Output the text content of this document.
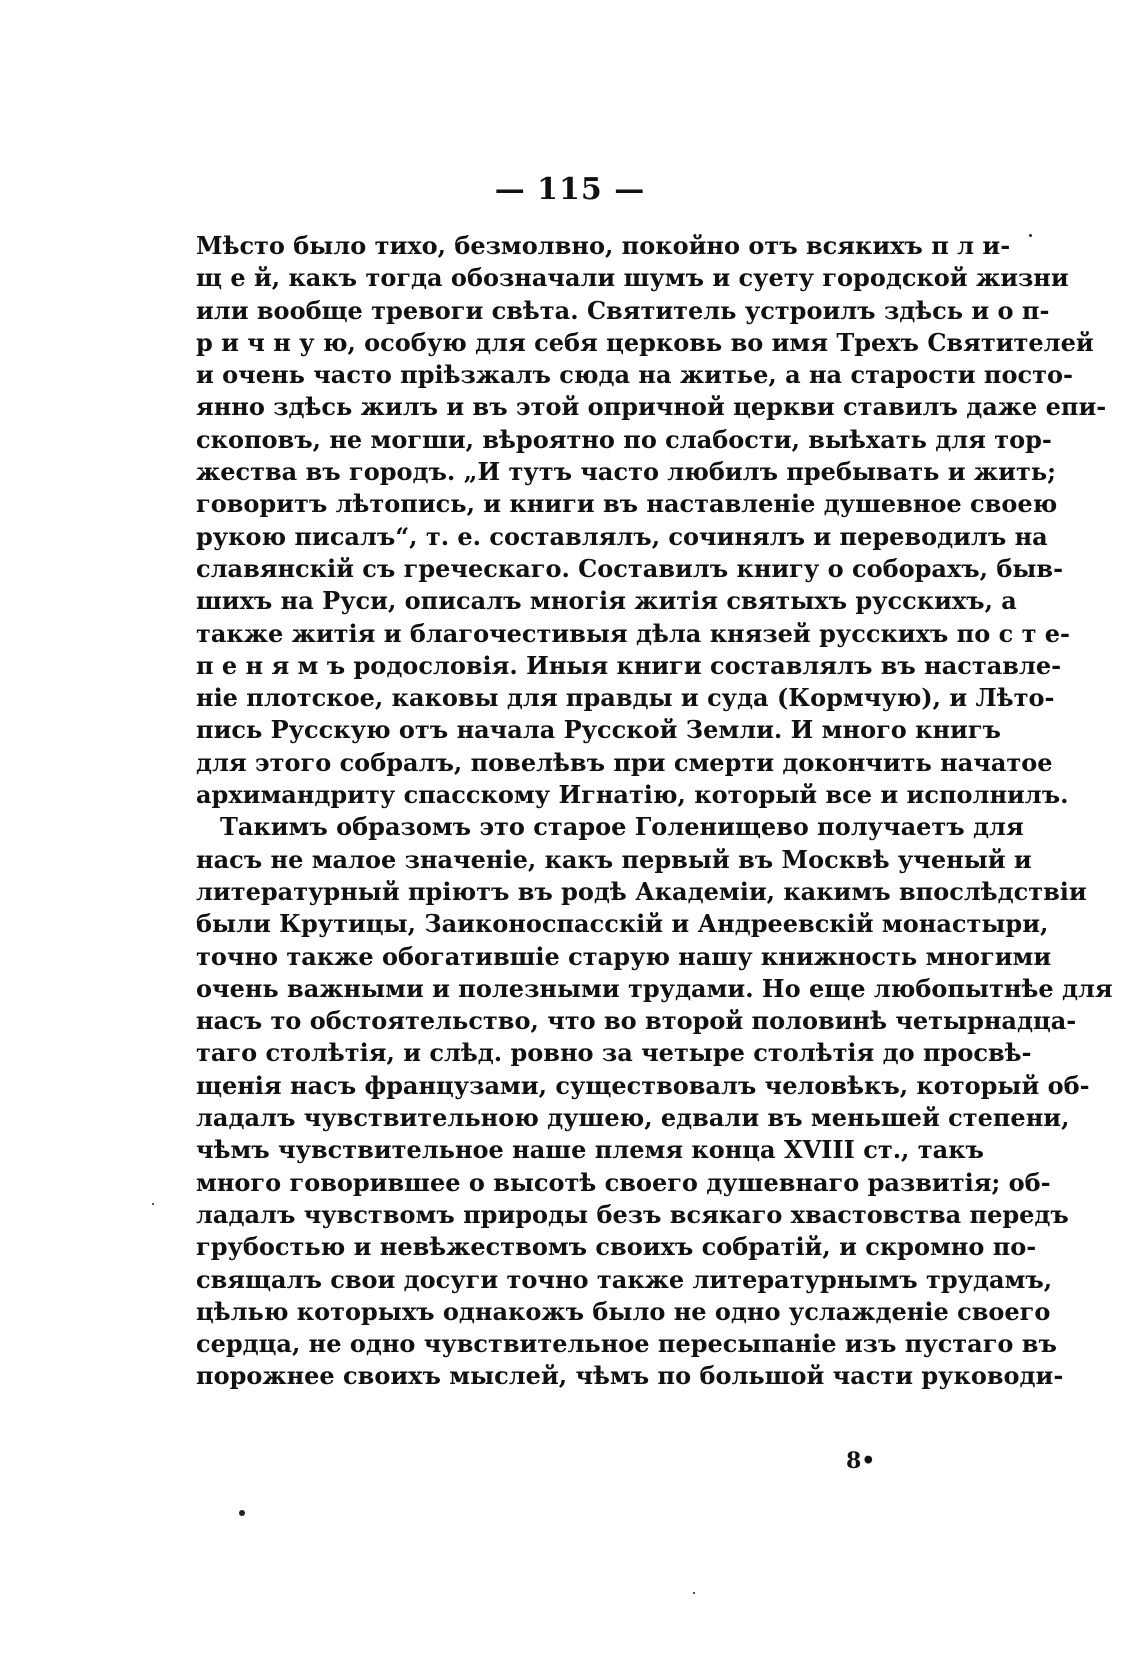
— 115 —
Мѣсто было тихо, безмолвно, покойно отъ всякихъ п л и-
щ е й, какъ тогда обозначали шумъ и суету городской жизни
или вообще тревоги свѣта. Святитель устроилъ здѣсь и о п-
р и ч н у ю, особую для себя церковь во имя Трехъ Святителей
и очень часто пріѣзжалъ сюда на житье, а на старости посто-
янно здѣсь жилъ и въ этой опричной церкви ставилъ даже епи-
скоповъ, не могши, вѣроятно по слабости, выѣхать для тор-
жества въ городъ. „И тутъ часто любилъ пребывать и жить;
говоритъ лѣтопись, и книги въ наставленіе душевное своею
рукою писалъ“, т. е. составлялъ, сочинялъ и переводилъ на
славянскій съ греческаго. Составилъ книгу о соборахъ, быв-
шихъ на Руси, описалъ многія житія святыхъ русскихъ, а
также житія и благочестивыя дѣла князей русскихъ по с т е-
п е н я м ъ родословія. Иныя книги составлялъ въ наставле-
ніе плотское, каковы для правды и суда (Кормчую), и Лѣто-
пись Русскую отъ начала Русской Земли. И много книгъ
для этого собралъ, повелѣвъ при смерти докончить начатое
архимандриту спасскому Игнатію, который все и исполнилъ.
Такимъ образомъ это старое Голенищево получаетъ для
насъ не малое значеніе, какъ первый въ Москвѣ ученый и
литературный пріютъ въ родѣ Академіи, какимъ впослѣдствіи
были Крутицы, Заиконоспасскій и Андреевскій монастыри,
точно также обогатившіе старую нашу книжность многими
очень важными и полезными трудами. Но еще любопытнѣе для
насъ то обстоятельство, что во второй половинѣ четырнадца-
таго столѣтія, и слѣд. ровно за четыре столѣтія до просвѣ-
щенія насъ французами, существовалъ человѣкъ, который об-
ладалъ чувствительною душею, едвали въ меньшей степени,
чѣмъ чувствительное наше племя конца XVIII ст., такъ
много говорившее о высотѣ своего душевнаго развитія; об-
ладалъ чувствомъ природы безъ всякаго хвастовства передъ
грубостью и невѣжествомъ своихъ собратій, и скромно по-
свящалъ свои досуги точно также литературнымъ трудамъ,
цѣлью которыхъ однакожъ было не одно услажденіе своего
сердца, не одно чувствительное пересыпаніе изъ пустаго въ
порожнее своихъ мыслей, чѣмъ по большой части руководи-
8•
